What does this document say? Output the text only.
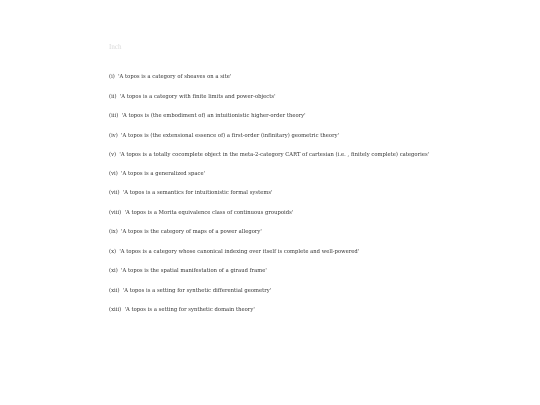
Inch
(i) 'A topos is a category of sheaves on a site'
(ii) 'A topos is a category with finite limits and power-objects'
(iii) 'A topos is (the embodiment of) an intuitionistic higher-order theory'
(iv) 'A topos is (the extensional essence of) a first-order (infinitary) geometric theory'
(v) 'A topos is a totally cocomplete object in the meta-2-category CART of cartesian (i.e. , finitely complete) categories'
(vi) 'A topos is a generalized space'
(vii) 'A topos is a semantics for intuitionistic formal systems'
(viii) 'A topos is a Morita equivalence class of continuous groupoids'
(ix) 'A topos is the category of maps of a power allegory'
(x) 'A topos is a category whose canonical indexing over itself is complete and well-powered'
(xi) 'A topos is the spatial manifestation of a giraud frame'
(xii) 'A topos is a setting for synthetic differential geometry'
(xiii) 'A topos is a setting for synthetic domain theory'
